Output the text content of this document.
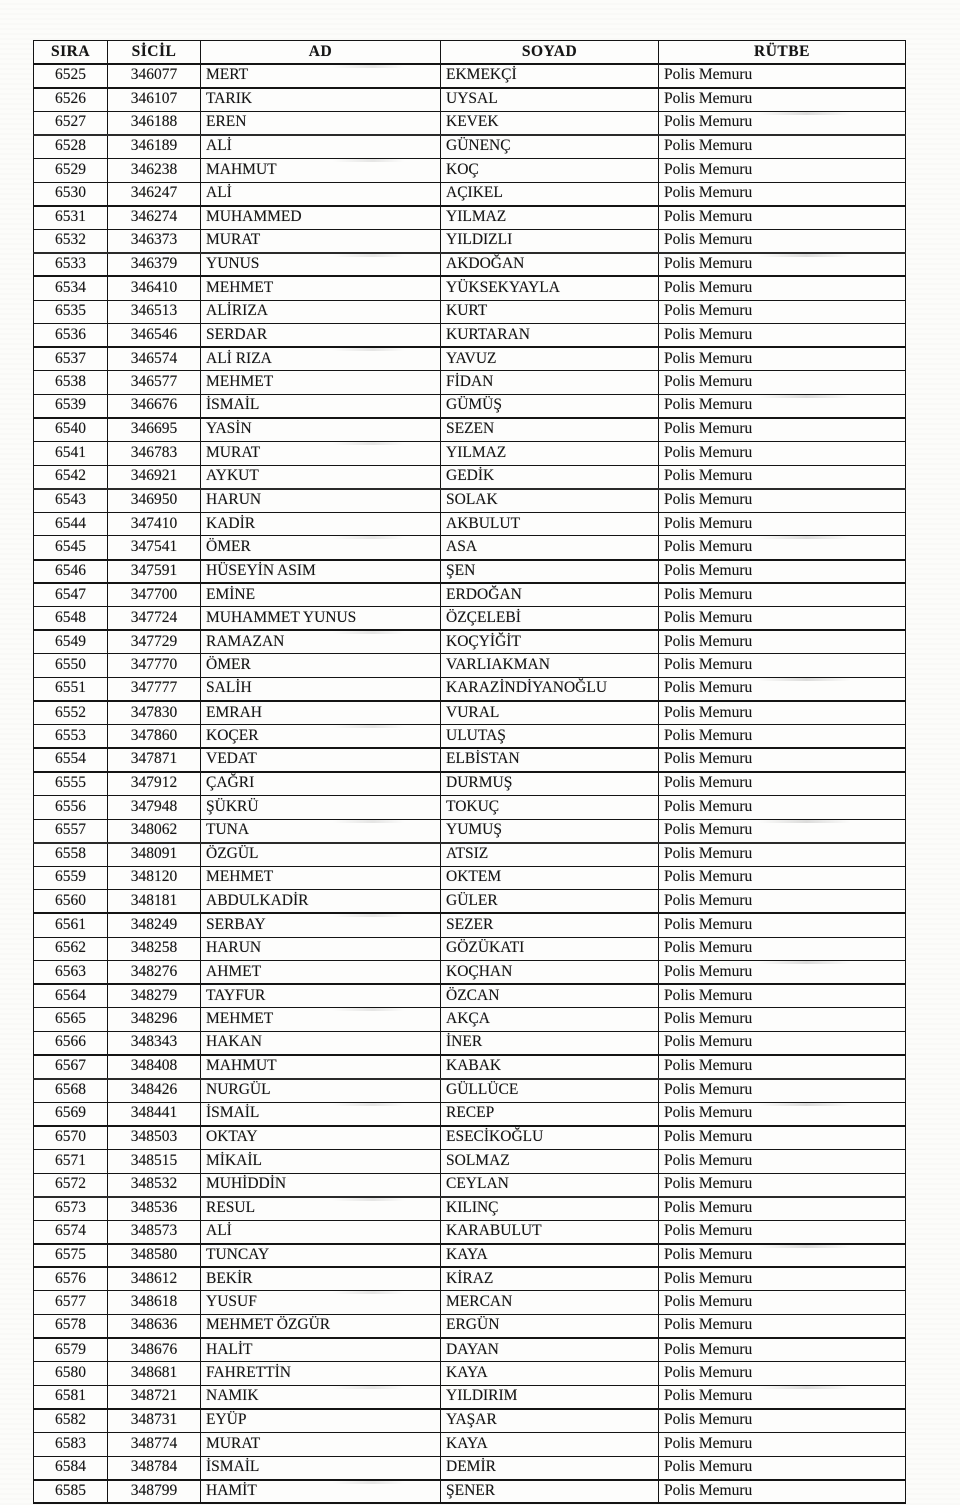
SIRA	SİCİL	AD	SOYAD	RÜTBE
6525	346077	MERT	EKMEKÇİ	Polis Memuru
6526	346107	TARIK	UYSAL	Polis Memuru
6527	346188	EREN	KEVEK	Polis Memuru
6528	346189	ALİ	GÜNENÇ	Polis Memuru
6529	346238	MAHMUT	KOÇ	Polis Memuru
6530	346247	ALİ	AÇIKEL	Polis Memuru
6531	346274	MUHAMMED	YILMAZ	Polis Memuru
6532	346373	MURAT	YILDIZLI	Polis Memuru
6533	346379	YUNUS	AKDOĞAN	Polis Memuru
6534	346410	MEHMET	YÜKSEKYAYLA	Polis Memuru
6535	346513	ALİRIZA	KURT	Polis Memuru
6536	346546	SERDAR	KURTARAN	Polis Memuru
6537	346574	ALİ RIZA	YAVUZ	Polis Memuru
6538	346577	MEHMET	FİDAN	Polis Memuru
6539	346676	İSMAİL	GÜMÜŞ	Polis Memuru
6540	346695	YASİN	SEZEN	Polis Memuru
6541	346783	MURAT	YILMAZ	Polis Memuru
6542	346921	AYKUT	GEDİK	Polis Memuru
6543	346950	HARUN	SOLAK	Polis Memuru
6544	347410	KADİR	AKBULUT	Polis Memuru
6545	347541	ÖMER	ASA	Polis Memuru
6546	347591	HÜSEYİN ASIM	ŞEN	Polis Memuru
6547	347700	EMİNE	ERDOĞAN	Polis Memuru
6548	347724	MUHAMMET YUNUS	ÖZÇELEBİ	Polis Memuru
6549	347729	RAMAZAN	KOÇYİĞİT	Polis Memuru
6550	347770	ÖMER	VARLIAKMAN	Polis Memuru
6551	347777	SALİH	KARAZİNDİYANOĞLU	Polis Memuru
6552	347830	EMRAH	VURAL	Polis Memuru
6553	347860	KOÇER	ULUTAŞ	Polis Memuru
6554	347871	VEDAT	ELBİSTAN	Polis Memuru
6555	347912	ÇAĞRI	DURMUŞ	Polis Memuru
6556	347948	ŞÜKRÜ	TOKUÇ	Polis Memuru
6557	348062	TUNA	YUMUŞ	Polis Memuru
6558	348091	ÖZGÜL	ATSIZ	Polis Memuru
6559	348120	MEHMET	OKTEM	Polis Memuru
6560	348181	ABDULKADİR	GÜLER	Polis Memuru
6561	348249	SERBAY	SEZER	Polis Memuru
6562	348258	HARUN	GÖZÜKATI	Polis Memuru
6563	348276	AHMET	KOÇHAN	Polis Memuru
6564	348279	TAYFUR	ÖZCAN	Polis Memuru
6565	348296	MEHMET	AKÇA	Polis Memuru
6566	348343	HAKAN	İNER	Polis Memuru
6567	348408	MAHMUT	KABAK	Polis Memuru
6568	348426	NURGÜL	GÜLLÜCE	Polis Memuru
6569	348441	İSMAİL	RECEP	Polis Memuru
6570	348503	OKTAY	ESECİKOĞLU	Polis Memuru
6571	348515	MİKAİL	SOLMAZ	Polis Memuru
6572	348532	MUHİDDİN	CEYLAN	Polis Memuru
6573	348536	RESUL	KILINÇ	Polis Memuru
6574	348573	ALİ	KARABULUT	Polis Memuru
6575	348580	TUNCAY	KAYA	Polis Memuru
6576	348612	BEKİR	KİRAZ	Polis Memuru
6577	348618	YUSUF	MERCAN	Polis Memuru
6578	348636	MEHMET ÖZGÜR	ERGÜN	Polis Memuru
6579	348676	HALİT	DAYAN	Polis Memuru
6580	348681	FAHRETTİN	KAYA	Polis Memuru
6581	348721	NAMIK	YILDIRIM	Polis Memuru
6582	348731	EYÜP	YAŞAR	Polis Memuru
6583	348774	MURAT	KAYA	Polis Memuru
6584	348784	İSMAİL	DEMİR	Polis Memuru
6585	348799	HAMİT	ŞENER	Polis Memuru
